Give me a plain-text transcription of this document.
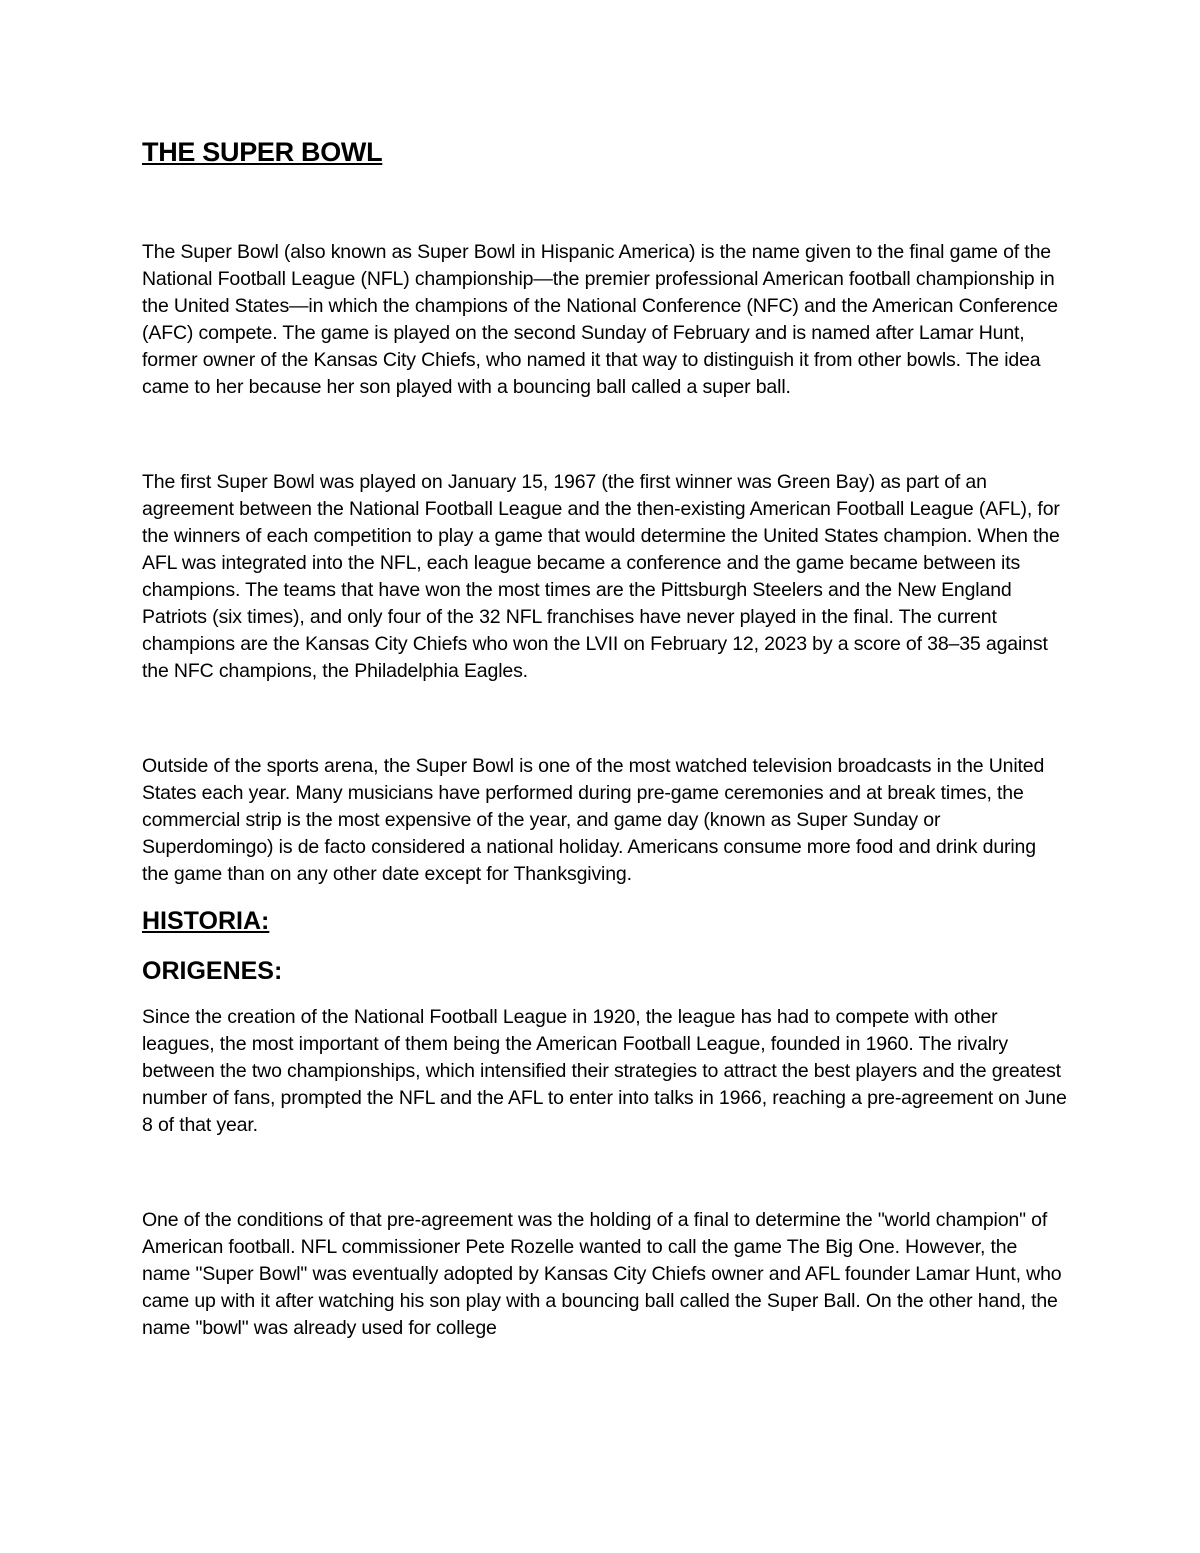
THE SUPER BOWL

The Super Bowl (also known as Super Bowl in Hispanic America) is the name given to the final game of the National Football League (NFL) championship—the premier professional American football championship in the United States—in which the champions of the National Conference (NFC) and the American Conference (AFC) compete. The game is played on the second Sunday of February and is named after Lamar Hunt, former owner of the Kansas City Chiefs, who named it that way to distinguish it from other bowls. The idea came to her because her son played with a bouncing ball called a super ball.

The first Super Bowl was played on January 15, 1967 (the first winner was Green Bay) as part of an agreement between the National Football League and the then-existing American Football League (AFL), for the winners of each competition to play a game that would determine the United States champion. When the AFL was integrated into the NFL, each league became a conference and the game became between its champions. The teams that have won the most times are the Pittsburgh Steelers and the New England Patriots (six times), and only four of the 32 NFL franchises have never played in the final. The current champions are the Kansas City Chiefs who won the LVII on February 12, 2023 by a score of 38–35 against the NFC champions, the Philadelphia Eagles.

Outside of the sports arena, the Super Bowl is one of the most watched television broadcasts in the United States each year. Many musicians have performed during pre-game ceremonies and at break times, the commercial strip is the most expensive of the year, and game day (known as Super Sunday or Superdomingo) is de facto considered a national holiday. Americans consume more food and drink during the game than on any other date except for Thanksgiving.

HISTORIA:
ORIGENES:

Since the creation of the National Football League in 1920, the league has had to compete with other leagues, the most important of them being the American Football League, founded in 1960. The rivalry between the two championships, which intensified their strategies to attract the best players and the greatest number of fans, prompted the NFL and the AFL to enter into talks in 1966, reaching a pre-agreement on June 8 of that year.

One of the conditions of that pre-agreement was the holding of a final to determine the "world champion" of American football. NFL commissioner Pete Rozelle wanted to call the game The Big One. However, the name "Super Bowl" was eventually adopted by Kansas City Chiefs owner and AFL founder Lamar Hunt, who came up with it after watching his son play with a bouncing ball called the Super Ball. On the other hand, the name "bowl" was already used for college
